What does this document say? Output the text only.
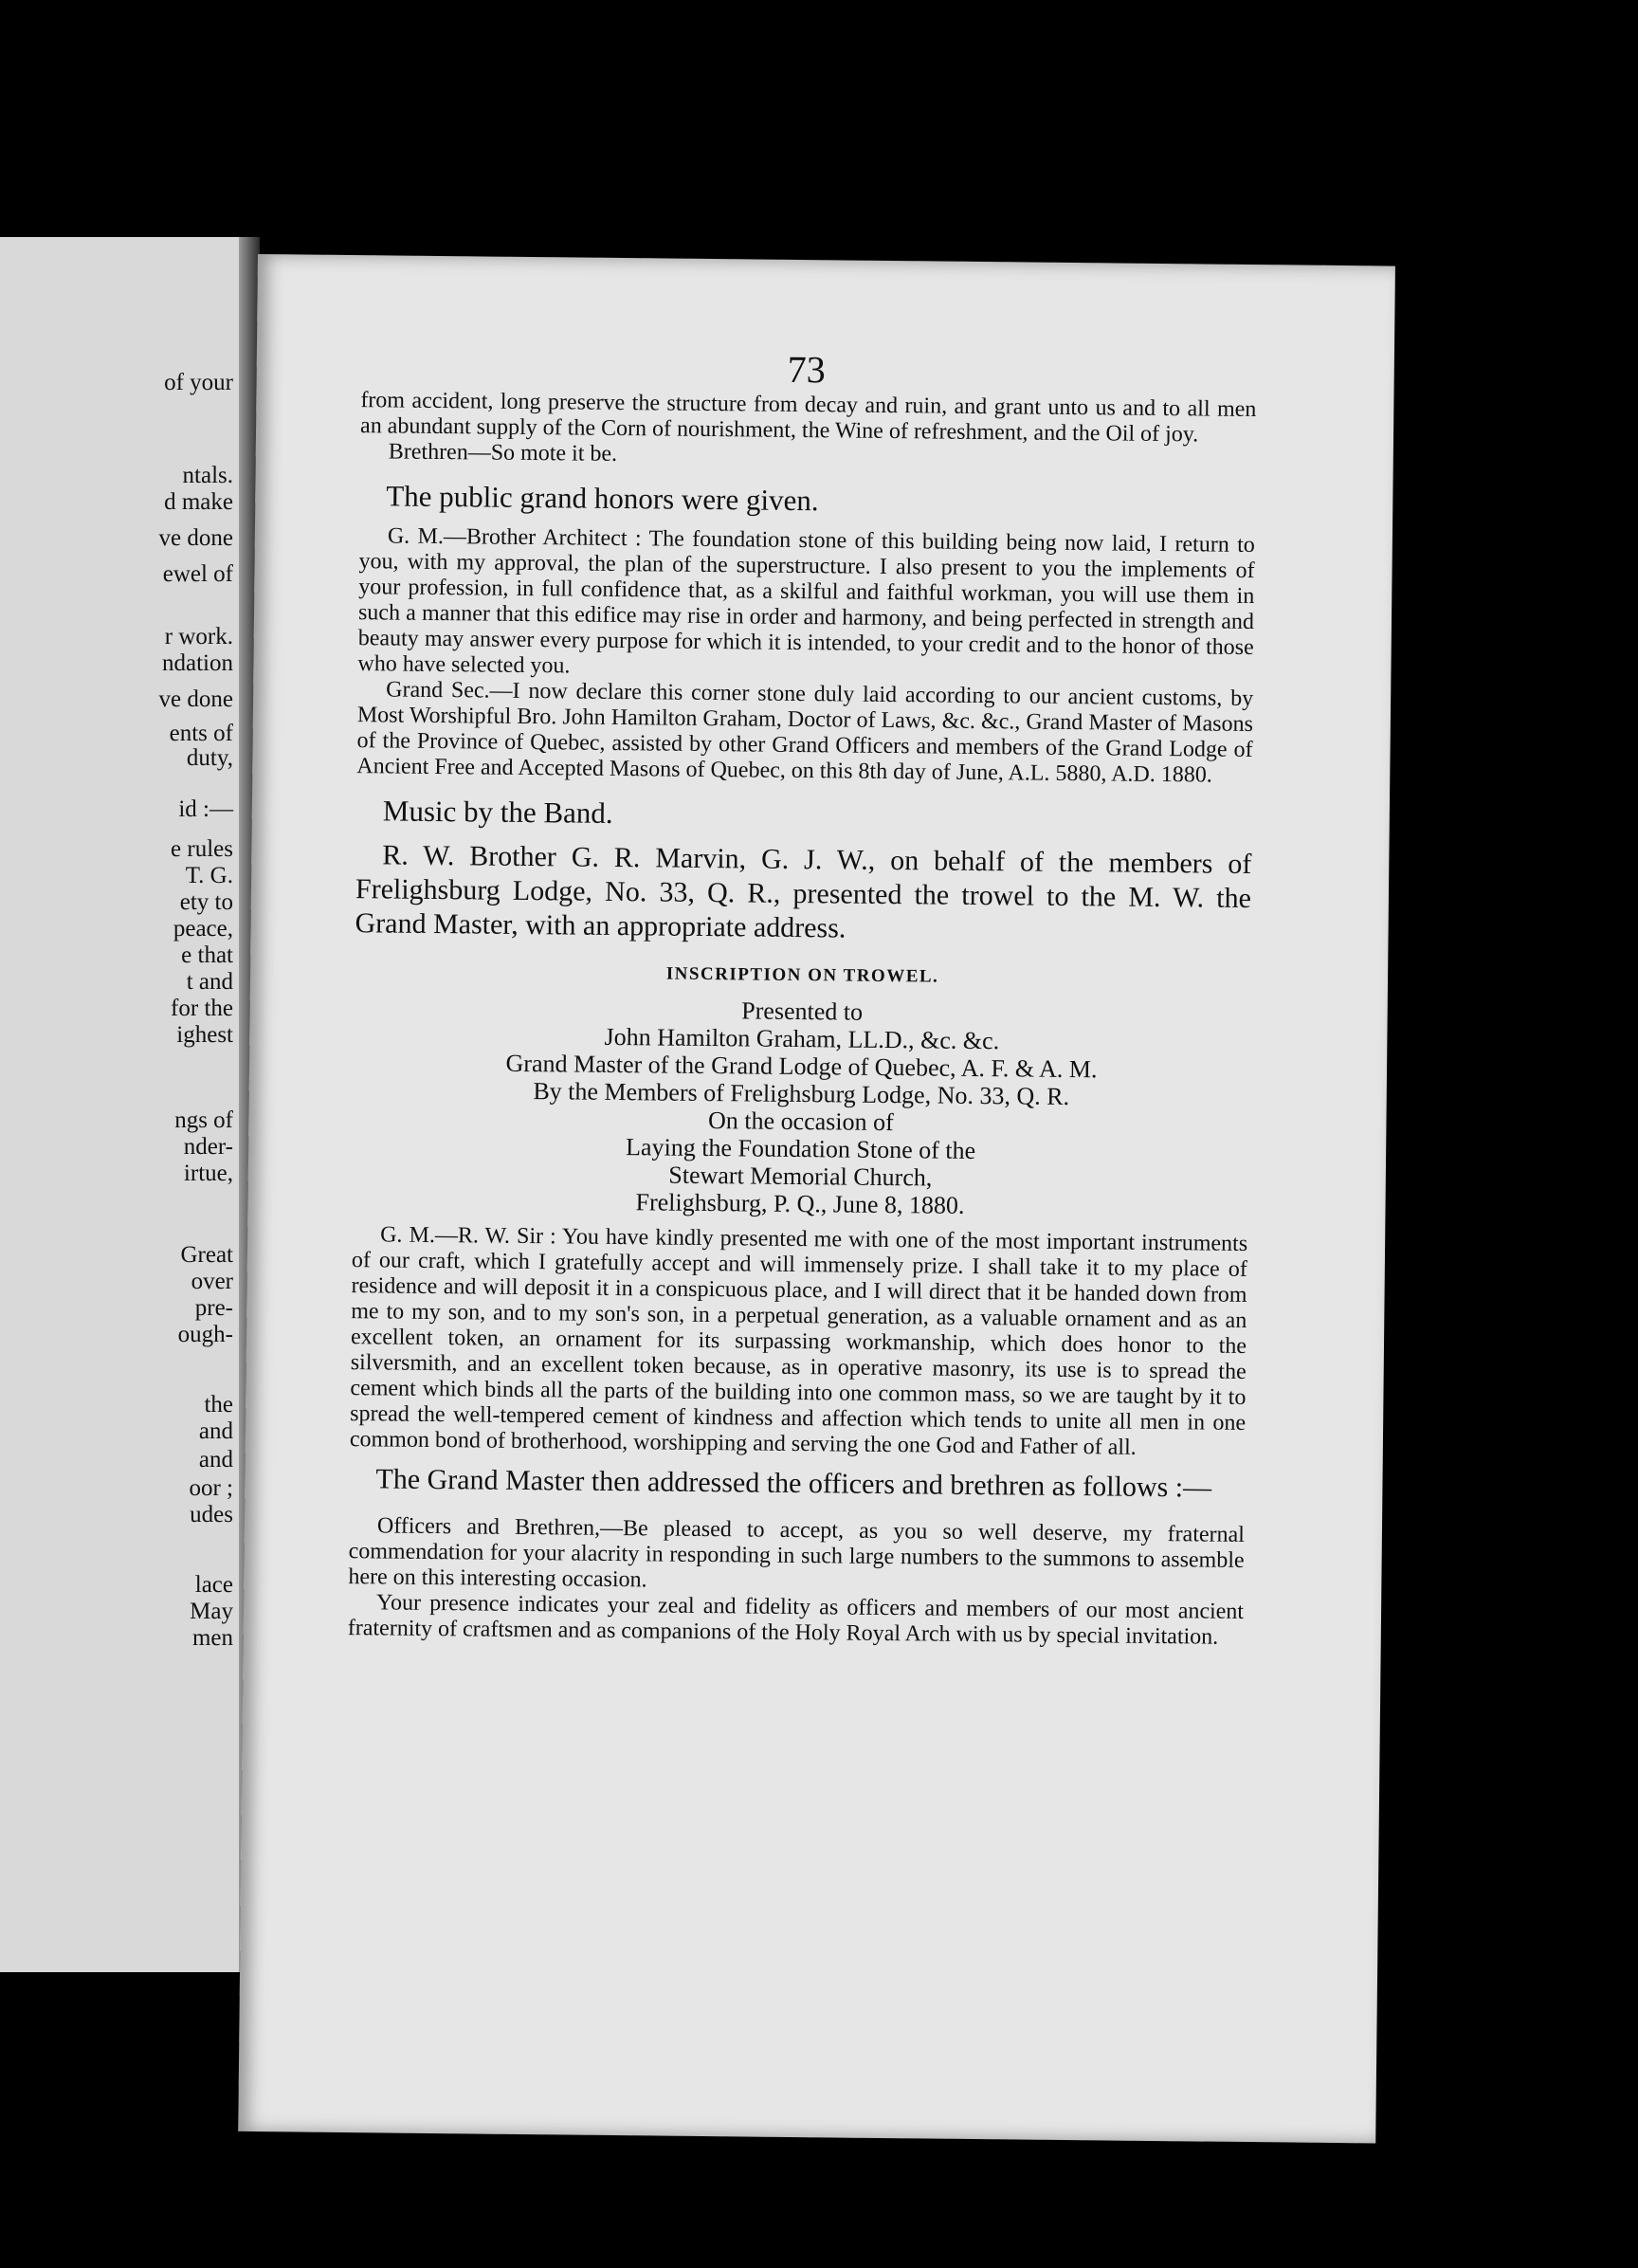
of your
ntals.
d make
ve done
ewel of
r work.
ndation
ve done
ents of
duty,
id :—
e rules
T. G.
ety to
peace,
e that
t and
for the
ighest
ngs of
nder-
irtue,
Great
over
pre-
ough-
the
and
and
oor ;
udes
lace
May
men
73

from accident, long preserve the structure from decay and ruin, and grant unto us and to all men an abundant supply of the Corn of nourishment, the Wine of refreshment, and the Oil of joy.

Brethren—So mote it be.

The public grand honors were given.

G. M.—Brother Architect : The foundation stone of this building being now laid, I return to you, with my approval, the plan of the superstructure. I also present to you the implements of your profession, in full confidence that, as a skilful and faithful workman, you will use them in such a manner that this edifice may rise in order and harmony, and being perfected in strength and beauty may answer every purpose for which it is intended, to your credit and to the honor of those who have selected you.

Grand Sec.—I now declare this corner stone duly laid according to our ancient customs, by Most Worshipful Bro. John Hamilton Graham, Doctor of Laws, &c. &c., Grand Master of Masons of the Province of Quebec, assisted by other Grand Officers and members of the Grand Lodge of Ancient Free and Accepted Masons of Quebec, on this 8th day of June, A.L. 5880, A.D. 1880.

Music by the Band.

R. W. Brother G. R. Marvin, G. J. W., on behalf of the members of Frelighsburg Lodge, No. 33, Q. R., presented the trowel to the M. W. the Grand Master, with an appropriate address.

INSCRIPTION ON TROWEL.

Presented to

John Hamilton Graham, LL.D., &c. &c.

Grand Master of the Grand Lodge of Quebec, A. F. & A. M.

By the Members of Frelighsburg Lodge, No. 33, Q. R.

On the occasion of

Laying the Foundation Stone of the

Stewart Memorial Church,

Frelighsburg, P. Q., June 8, 1880.

G. M.—R. W. Sir : You have kindly presented me with one of the most important instruments of our craft, which I gratefully accept and will immensely prize. I shall take it to my place of residence and will deposit it in a conspicuous place, and I will direct that it be handed down from me to my son, and to my son's son, in a perpetual generation, as a valuable ornament and as an excellent token, an ornament for its surpassing workmanship, which does honor to the silversmith, and an excellent token because, as in operative masonry, its use is to spread the cement which binds all the parts of the building into one common mass, so we are taught by it to spread the well-tempered cement of kindness and affection which tends to unite all men in one common bond of brotherhood, worshipping and serving the one God and Father of all.

The Grand Master then addressed the officers and brethren as follows :—

Officers and Brethren,—Be pleased to accept, as you so well deserve, my fraternal commendation for your alacrity in responding in such large numbers to the summons to assemble here on this interesting occasion.

Your presence indicates your zeal and fidelity as officers and members of our most ancient fraternity of craftsmen and as companions of the Holy Royal Arch with us by special invitation.
